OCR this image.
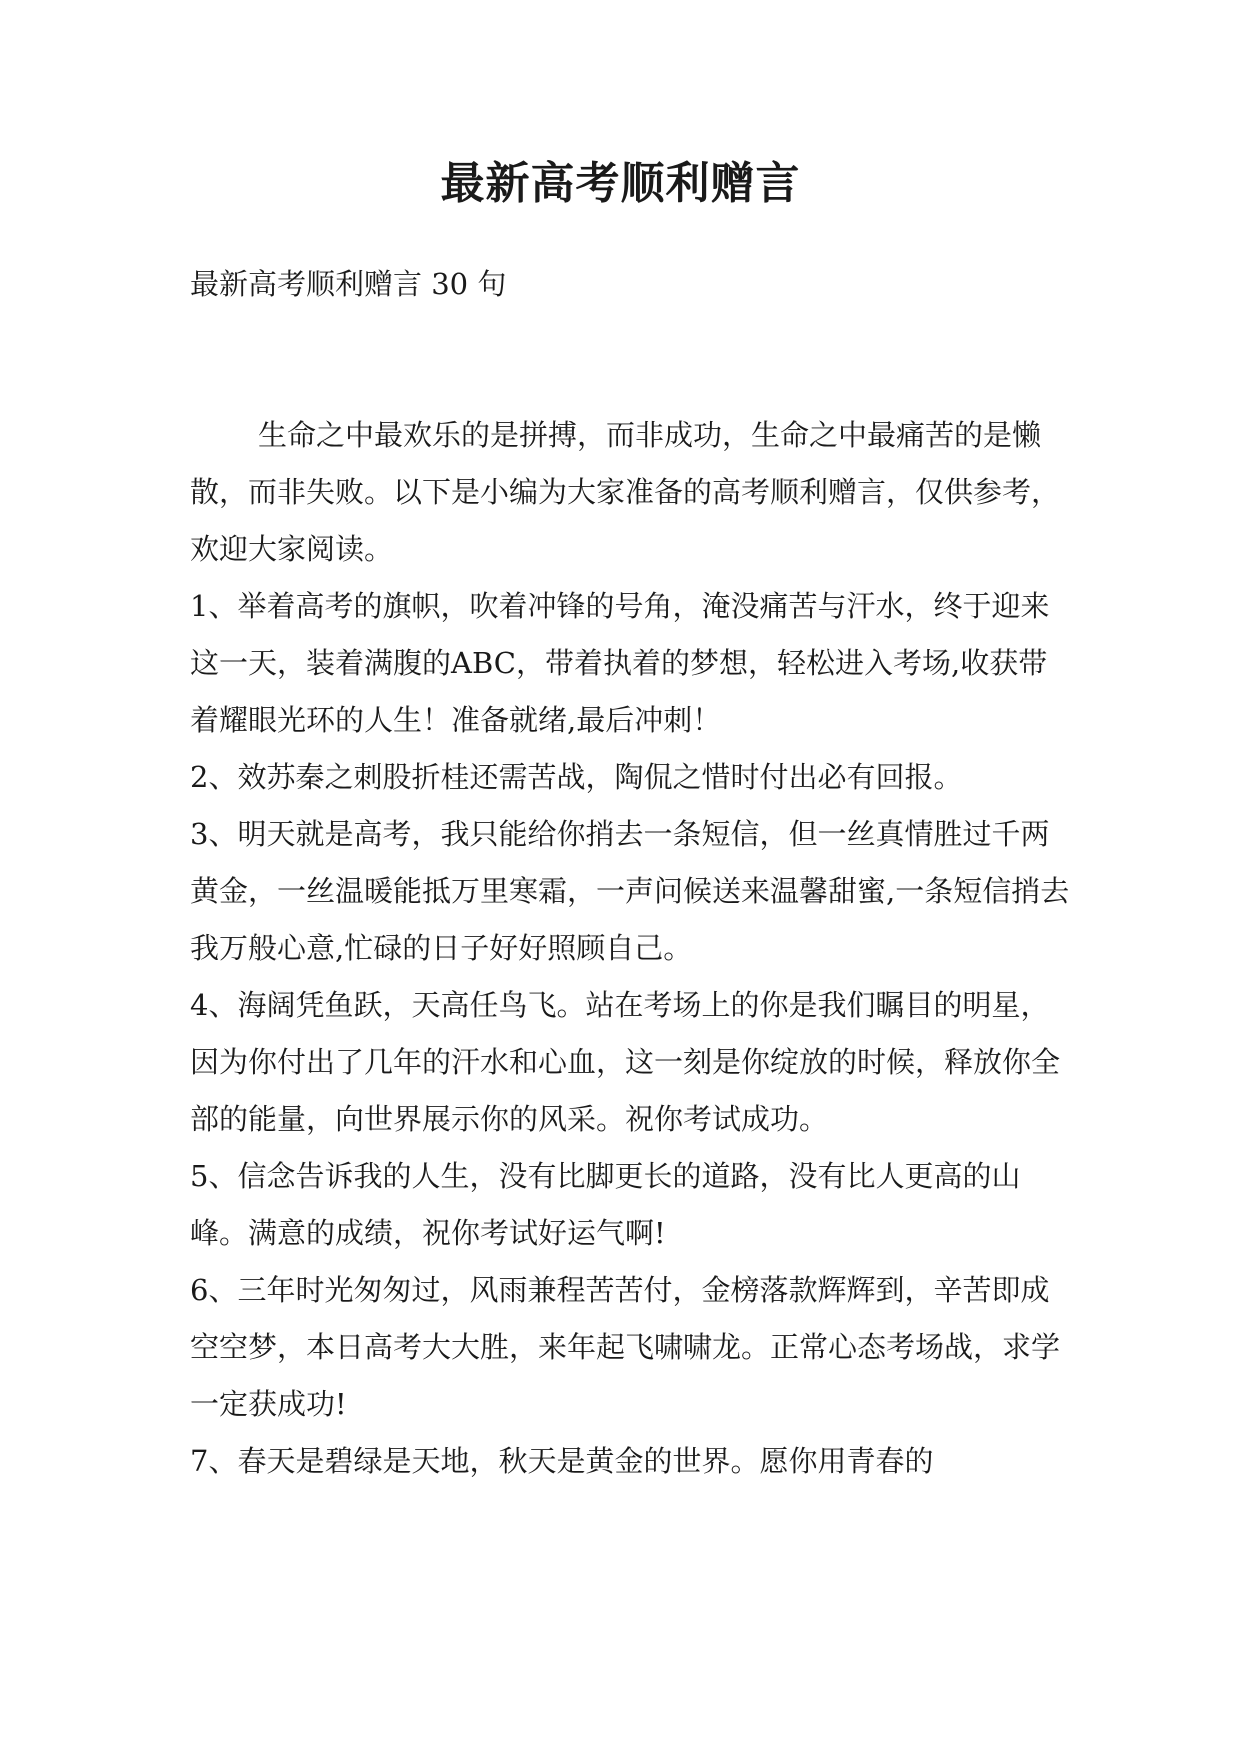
最新高考顺利赠言

最新高考顺利赠言 30 句

生命之中最欢乐的是拼搏，而非成功，生命之中最痛苦的是懒散，而非失败。以下是小编为大家准备的高考顺利赠言，仅供参考，欢迎大家阅读。

1、举着高考的旗帜，吹着冲锋的号角，淹没痛苦与汗水，终于迎来这一天，装着满腹的ABC，带着执着的梦想，轻松进入考场,收获带着耀眼光环的人生！准备就绪,最后冲刺！

2、效苏秦之刺股折桂还需苦战，陶侃之惜时付出必有回报。

3、明天就是高考，我只能给你捎去一条短信，但一丝真情胜过千两黄金，一丝温暖能抵万里寒霜，一声问候送来温馨甜蜜,一条短信捎去我万般心意,忙碌的日子好好照顾自己。

4、海阔凭鱼跃，天高任鸟飞。站在考场上的你是我们瞩目的明星，因为你付出了几年的汗水和心血，这一刻是你绽放的时候，释放你全部的能量，向世界展示你的风采。祝你考试成功。

5、信念告诉我的人生，没有比脚更长的道路，没有比人更高的山峰。满意的成绩，祝你考试好运气啊!

6、三年时光匆匆过，风雨兼程苦苦付，金榜落款辉辉到，辛苦即成空空梦，本日高考大大胜，来年起飞啸啸龙。正常心态考场战，求学一定获成功!

7、春天是碧绿是天地，秋天是黄金的世界。愿你用青春的
